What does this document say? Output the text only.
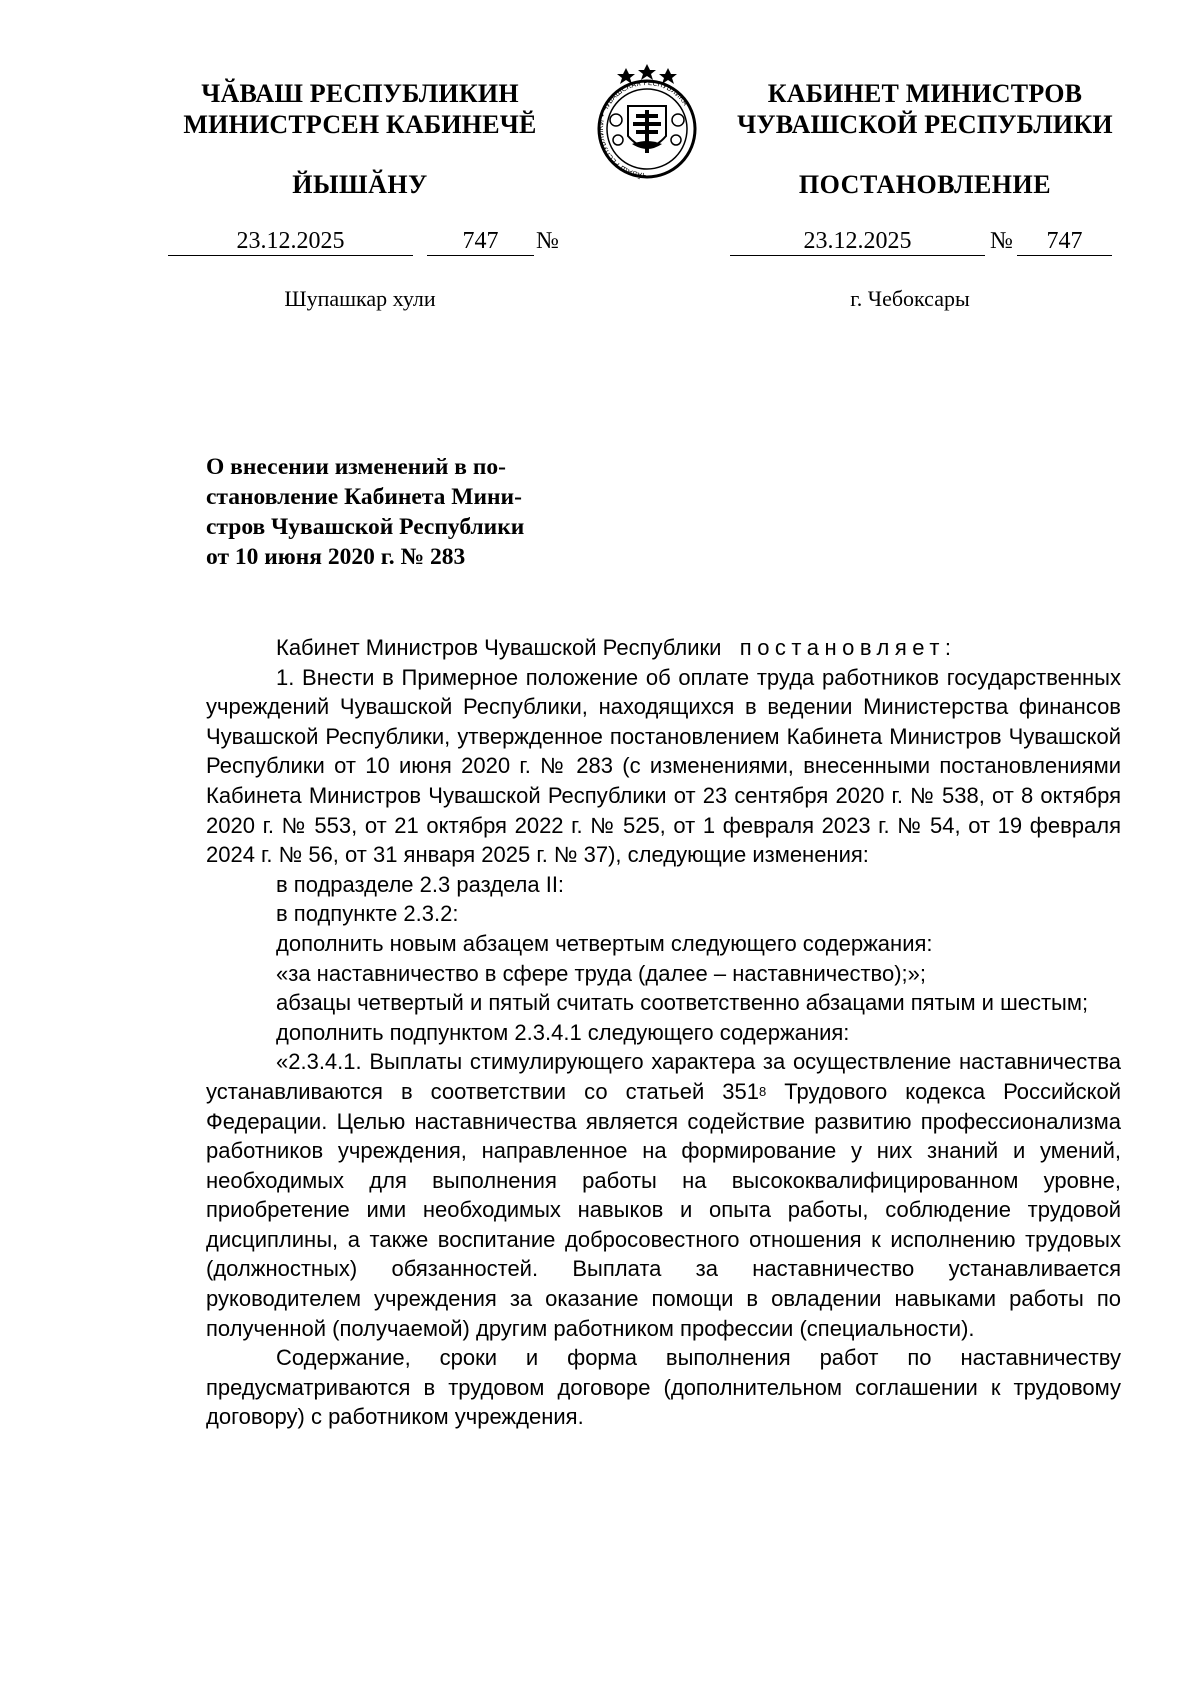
ЧӐВАШ РЕСПУБЛИКИН
МИНИСТРСЕН КАБИНЕЧӖ
ЙЫШӐНУ	ЧĂВАШ РЕСПУБЛИКИ • ЧУВАШСКАЯ РЕСПУБЛИКА	КАБИНЕТ МИНИСТРОВ
ЧУВАШСКОЙ РЕСПУБЛИКИ
ПОСТАНОВЛЕНИЕ
23.12.2025	747	№	23.12.2025	№	747
Шупашкар хули	г. Чебоксары
О внесении изменений в по-
становление Кабинета Мини-
стров Чувашской Республики
от 10 июня 2020 г. № 283
Кабинет Министров Чувашской Республики постановляет:

1. Внести в Примерное положение об оплате труда работников государственных учреждений Чувашской Республики, находящихся в ведении Министерства финансов Чувашской Республики, утвержденное постановлением Кабинета Министров Чувашской Республики от 10 июня 2020 г. № 283 (с изменениями, внесенными постановлениями Кабинета Министров Чувашской Республики от 23 сентября 2020 г. № 538, от 8 октября 2020 г. № 553, от 21 октября 2022 г. № 525, от 1 февраля 2023 г. № 54, от 19 февраля 2024 г. № 56, от 31 января 2025 г. № 37), следующие изменения:

в подразделе 2.3 раздела II:

в подпункте 2.3.2:

дополнить новым абзацем четвертым следующего содержания:

«за наставничество в сфере труда (далее – наставничество);»;

абзацы четвертый и пятый считать соответственно абзацами пятым и шестым;

дополнить подпунктом 2.3.4.1 следующего содержания:

«2.3.4.1. Выплаты стимулирующего характера за осуществление наставничества устанавливаются в соответствии со статьей $351^8$ Трудового кодекса Российской Федерации. Целью наставничества является содействие развитию профессионализма работников учреждения, направленное на формирование у них знаний и умений, необходимых для выполнения работы на высококвалифицированном уровне, приобретение ими необходимых навыков и опыта работы, соблюдение трудовой дисциплины, а также воспитание добросовестного отношения к исполнению трудовых (должностных) обязанностей. Выплата за наставничество устанавливается руководителем учреждения за оказание помощи в овладении навыками работы по полученной (получаемой) другим работником профессии (специальности).

Содержание, сроки и форма выполнения работ по наставничеству предусматриваются в трудовом договоре (дополнительном соглашении к трудовому договору) с работником учреждения.
